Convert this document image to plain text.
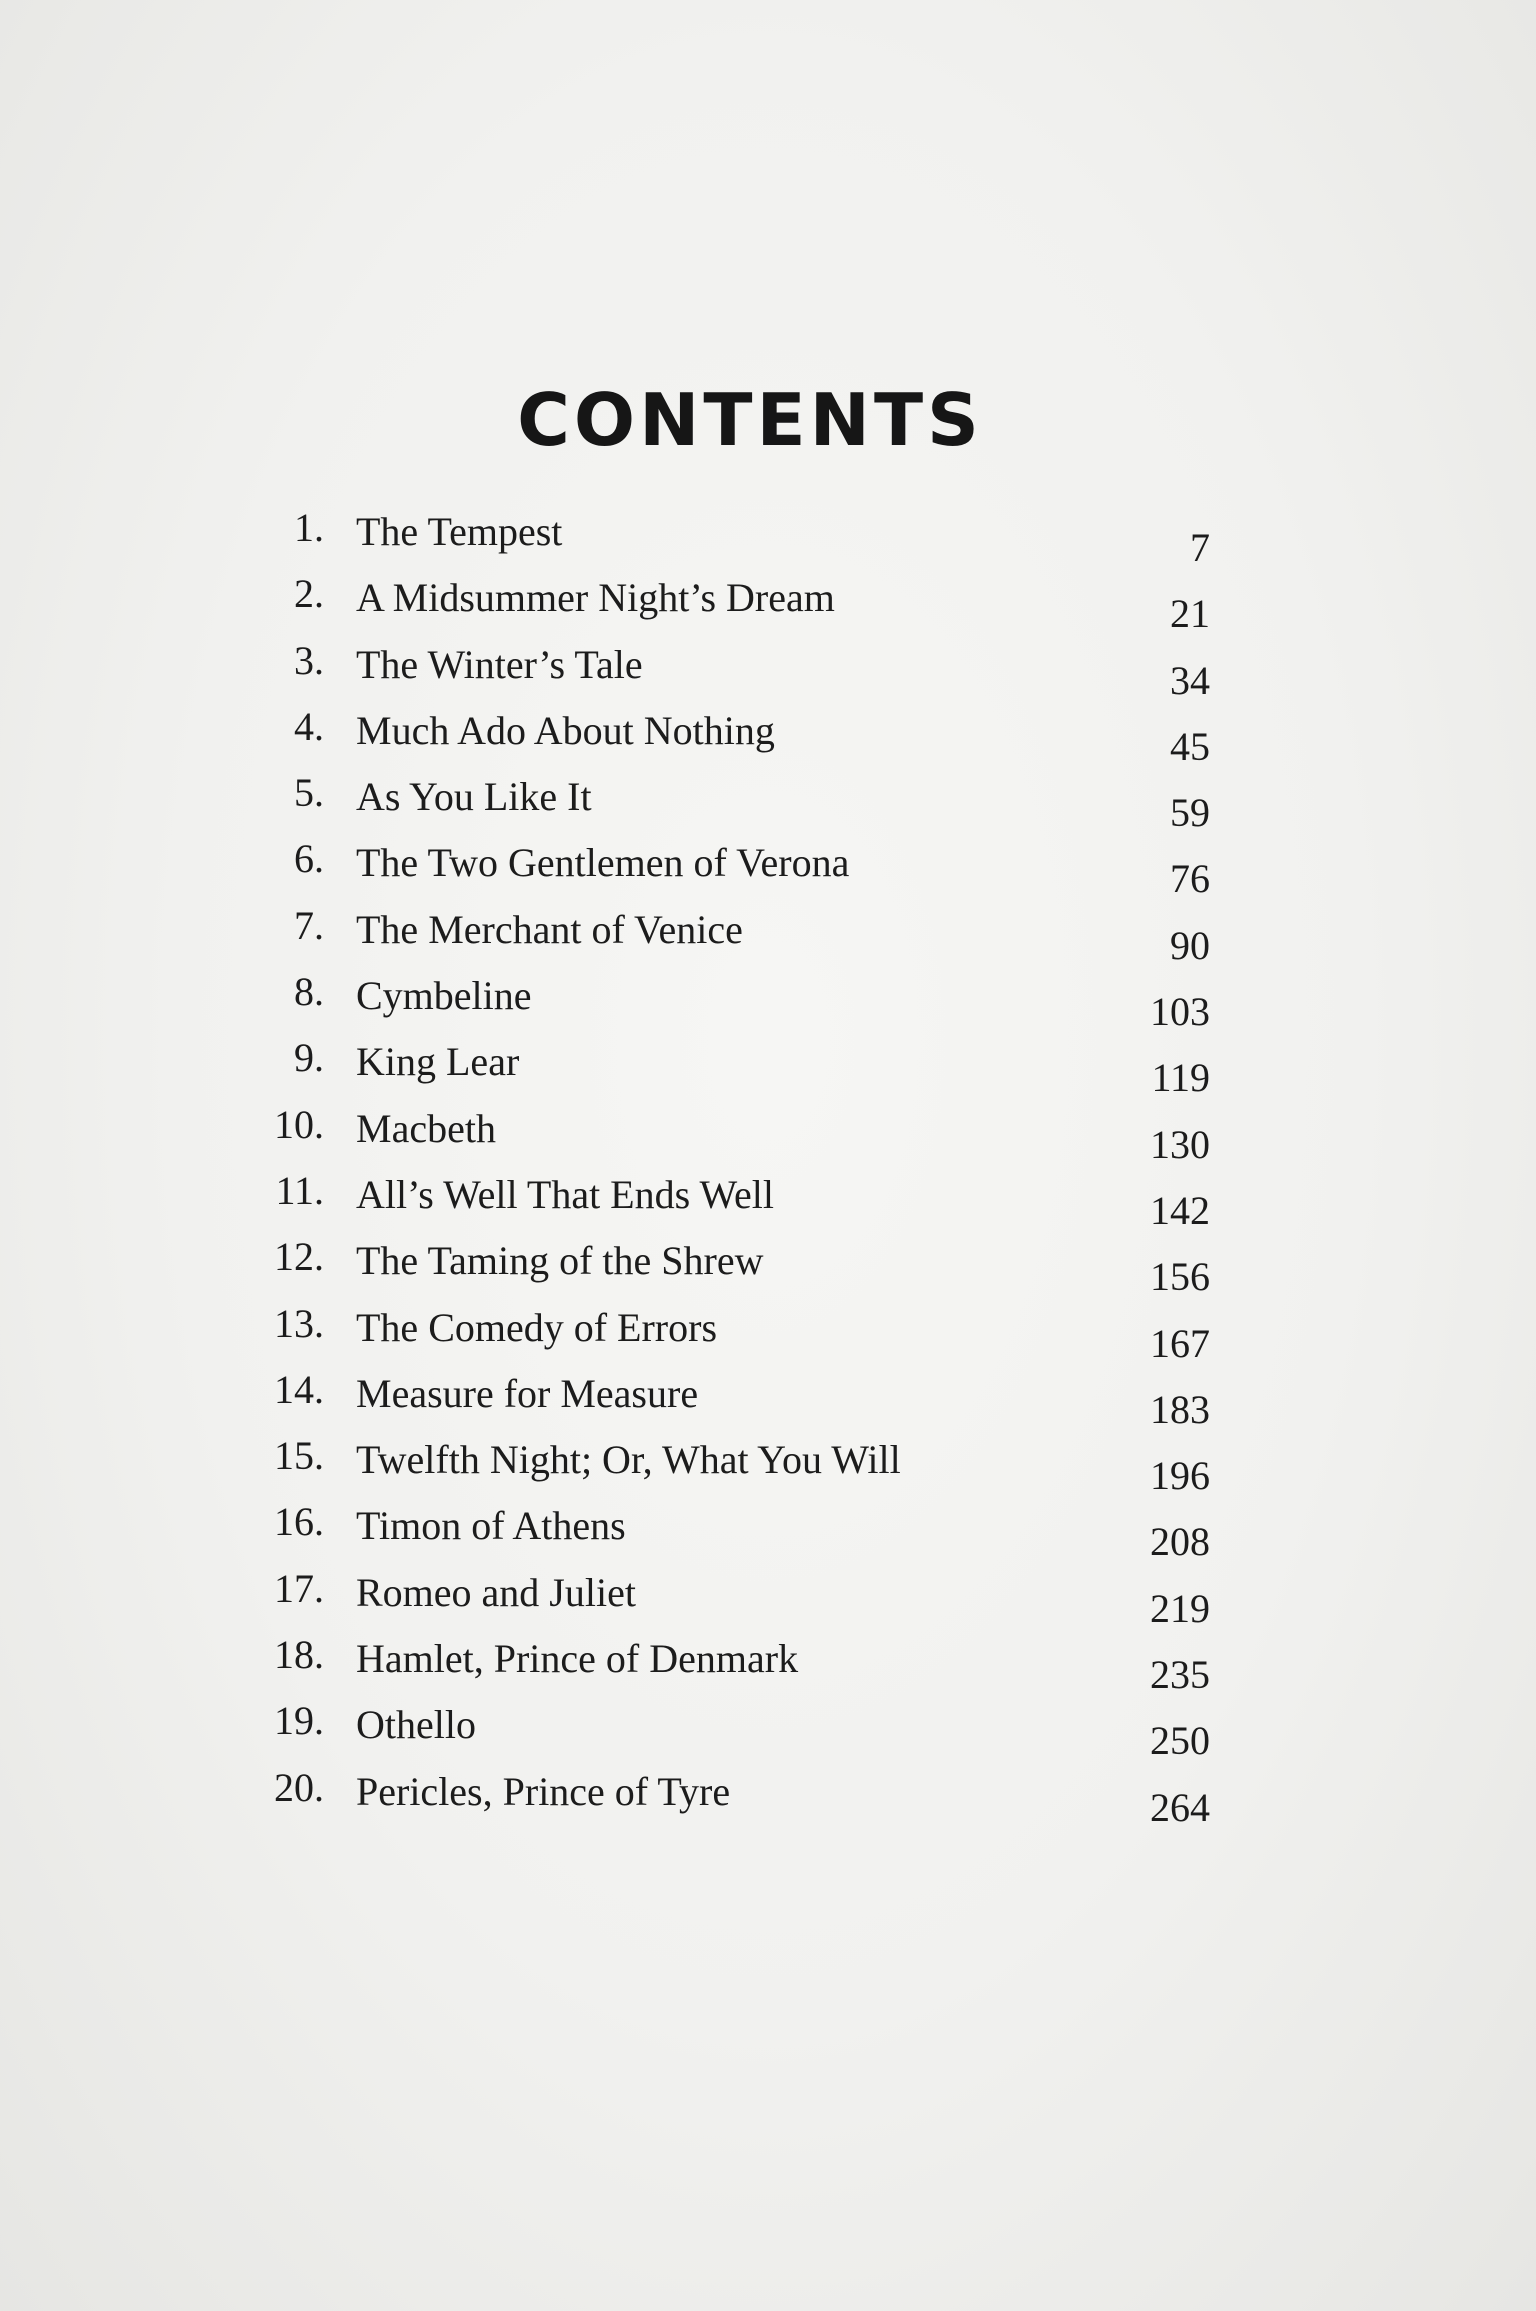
CONTENTS
1. The Tempest	7
2. A Midsummer Night’s Dream	21
3. The Winter’s Tale	34
4. Much Ado About Nothing	45
5. As You Like It	59
6. The Two Gentlemen of Verona	76
7. The Merchant of Venice	90
8. Cymbeline	103
9. King Lear	119
10. Macbeth	130
11. All’s Well That Ends Well	142
12. The Taming of the Shrew	156
13. The Comedy of Errors	167
14. Measure for Measure	183
15. Twelfth Night; Or, What You Will	196
16. Timon of Athens	208
17. Romeo and Juliet	219
18. Hamlet, Prince of Denmark	235
19. Othello	250
20. Pericles, Prince of Tyre	264
